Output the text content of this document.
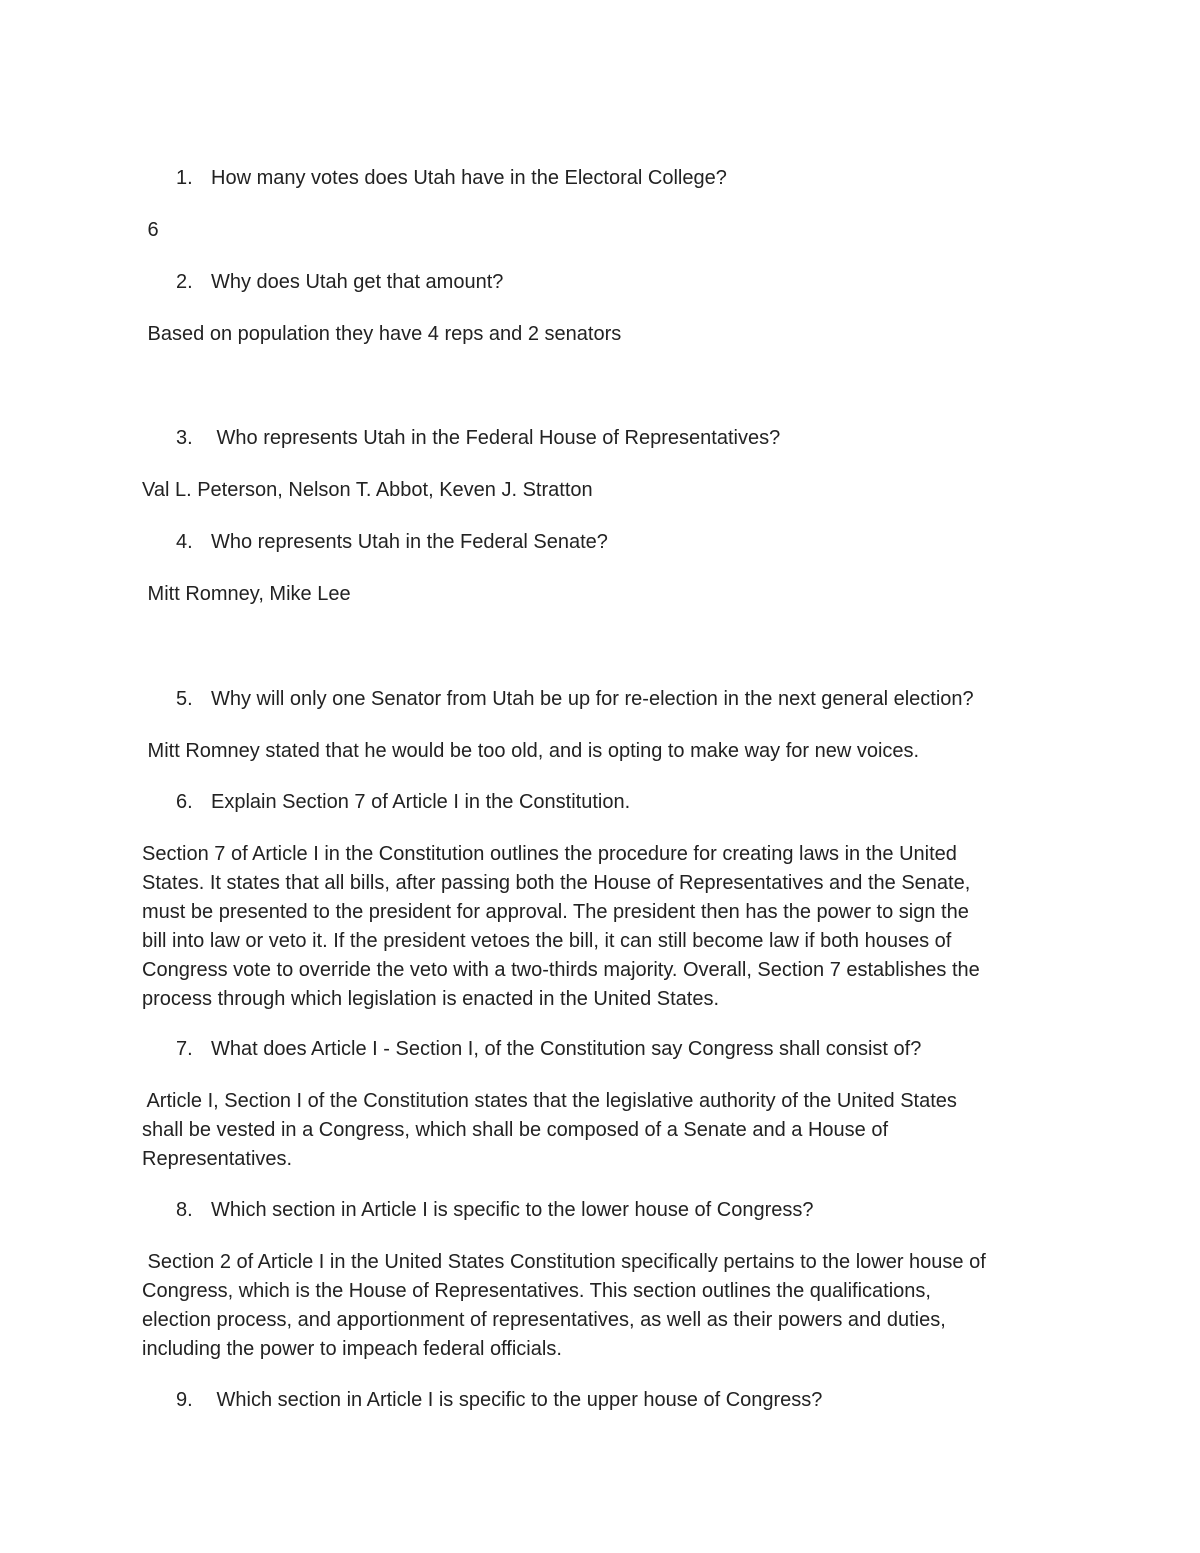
1. How many votes does Utah have in the Electoral College?

6

2. Why does Utah get that amount?

Based on population they have 4 reps and 2 senators

3. Who represents Utah in the Federal House of Representatives?

Val L. Peterson, Nelson T. Abbot, Keven J. Stratton

4. Who represents Utah in the Federal Senate?

Mitt Romney, Mike Lee

5. Why will only one Senator from Utah be up for re-election in the next general election?

Mitt Romney stated that he would be too old, and is opting to make way for new voices.

6. Explain Section 7 of Article I in the Constitution.

Section 7 of Article I in the Constitution outlines the procedure for creating laws in the United
States. It states that all bills, after passing both the House of Representatives and the Senate,
must be presented to the president for approval. The president then has the power to sign the
bill into law or veto it. If the president vetoes the bill, it can still become law if both houses of
Congress vote to override the veto with a two-thirds majority. Overall, Section 7 establishes the
process through which legislation is enacted in the United States.

7. What does Article I - Section I, of the Constitution say Congress shall consist of?

Article I, Section I of the Constitution states that the legislative authority of the United States
shall be vested in a Congress, which shall be composed of a Senate and a House of
Representatives.

8. Which section in Article I is specific to the lower house of Congress?

Section 2 of Article I in the United States Constitution specifically pertains to the lower house of
Congress, which is the House of Representatives. This section outlines the qualifications,
election process, and apportionment of representatives, as well as their powers and duties,
including the power to impeach federal officials.

9. Which section in Article I is specific to the upper house of Congress?
